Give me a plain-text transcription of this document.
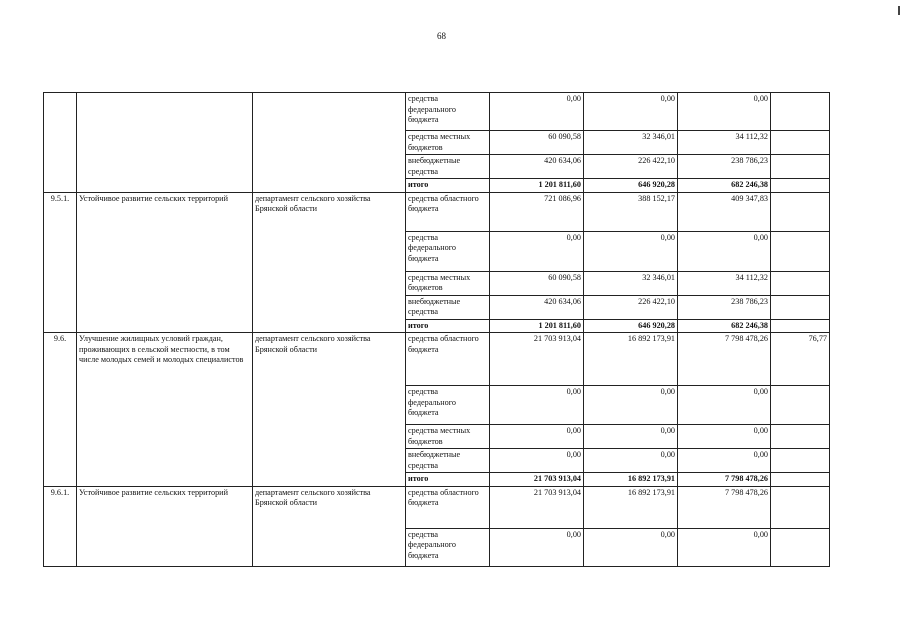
68
			средства федерального бюджета	0,00	0,00	0,00	
			средства местных бюджетов	60 090,58	32 346,01	34 112,32	
			внебюджетные средства	420 634,06	226 422,10	238 786,23	
			итого	1 201 811,60	646 920,28	682 246,38	
9.5.1.	Устойчивое развитие сельских территорий	департамент сельского хозяйства Брянской области	средства областного бюджета	721 086,96	388 152,17	409 347,83	
			средства федерального бюджета	0,00	0,00	0,00	
			средства местных бюджетов	60 090,58	32 346,01	34 112,32	
			внебюджетные средства	420 634,06	226 422,10	238 786,23	
			итого	1 201 811,60	646 920,28	682 246,38	
9.6.	Улучшение жилищных условий граждан, проживающих в сельской местности, в том числе молодых семей и молодых специалистов	департамент сельского хозяйства Брянской области	средства областного бюджета	21 703 913,04	16 892 173,91	7 798 478,26	76,77
			средства федерального бюджета	0,00	0,00	0,00	
			средства местных бюджетов	0,00	0,00	0,00	
			внебюджетные средства	0,00	0,00	0,00	
			итого	21 703 913,04	16 892 173,91	7 798 478,26	
9.6.1.	Устойчивое развитие сельских территорий	департамент сельского хозяйства Брянской области	средства областного бюджета	21 703 913,04	16 892 173,91	7 798 478,26	
			средства федерального бюджета	0,00	0,00	0,00	
